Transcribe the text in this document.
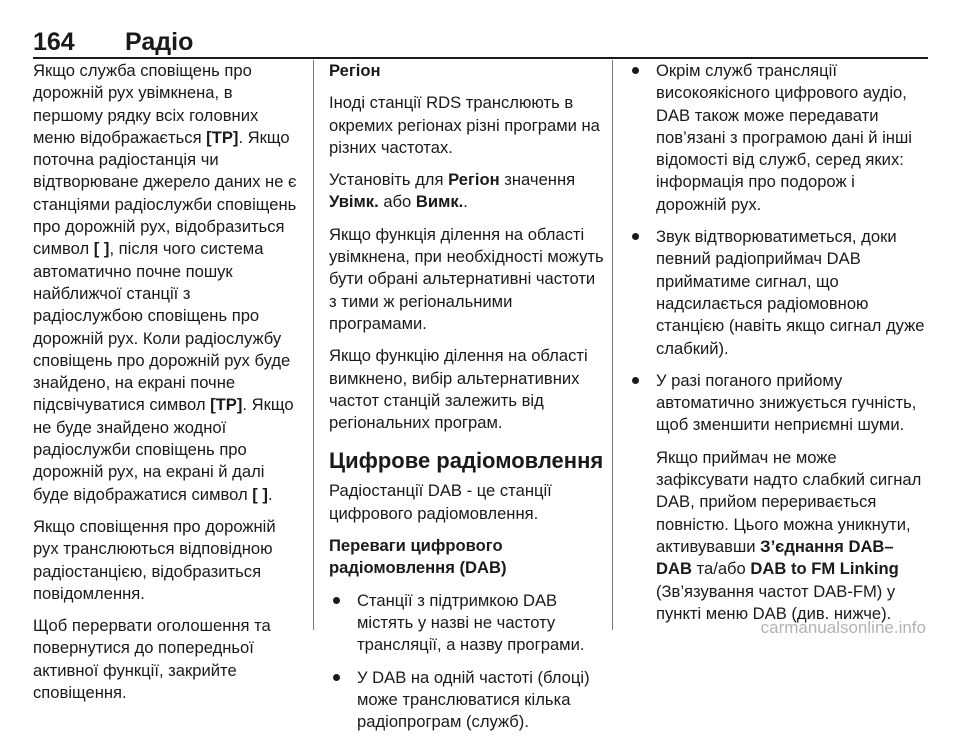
164 Радіо

Якщо служба сповіщень про дорожній рух увімкнена, в першому рядку всіх головних меню відображається [TP]. Якщо поточна радіостанція чи відтворюване джерело даних не є станціями радіослужби сповіщень про дорожній рух, відобразиться символ [ ], після чого система автоматично почне пошук найближчої станції з радіослужбою сповіщень про дорожній рух. Коли радіослужбу сповіщень про дорожній рух буде знайдено, на екрані почне підсвічуватися символ [TP]. Якщо не буде знайдено жодної радіослужби сповіщень про дорожній рух, на екрані й далі буде відображатися символ [ ].

Якщо сповіщення про дорожній рух транслюються відповідною радіостанцією, відобразиться повідомлення.

Щоб перервати оголошення та повернутися до попередньої активної функції, закрийте сповіщення.

Регіон

Іноді станції RDS транслюють в окремих регіонах різні програми на різних частотах.

Установіть для Регіон значення Увімк. або Вимк..

Якщо функція ділення на області увімкнена, при необхідності можуть бути обрані альтернативні частоти з тими ж регіональними програмами.

Якщо функцію ділення на області вимкнено, вибір альтернативних частот станцій залежить від регіональних програм.

Цифрове радіомовлення

Радіостанції DAB - це станції цифрового радіомовлення.

Переваги цифрового радіомовлення (DAB)
Станції з підтримкою DAB містять у назві не частоту трансляції, а назву програми.
У DAB на одній частоті (блоці) може транслюватися кілька радіопрограм (служб).
Окрім служб трансляції високоякісного цифрового аудіо, DAB також може передавати пов’язані з програмою дані й інші відомості від служб, серед яких: інформація про подорож і дорожній рух.
Звук відтворюватиметься, доки певний радіоприймач DAB прийматиме сигнал, що надсилається радіомовною станцією (навіть якщо сигнал дуже слабкий).
У разі поганого прийому автоматично знижується гучність, щоб зменшити неприємні шуми.

Якщо приймач не може зафіксувати надто слабкий сигнал DAB, прийом переривається повністю. Цього можна уникнути, активувавши З’єднання DAB–DAB та/або DAB to FM Linking (Зв’язування частот DAB-FM) у пункті меню DAB (див. нижче).

carmanualsonline.info
